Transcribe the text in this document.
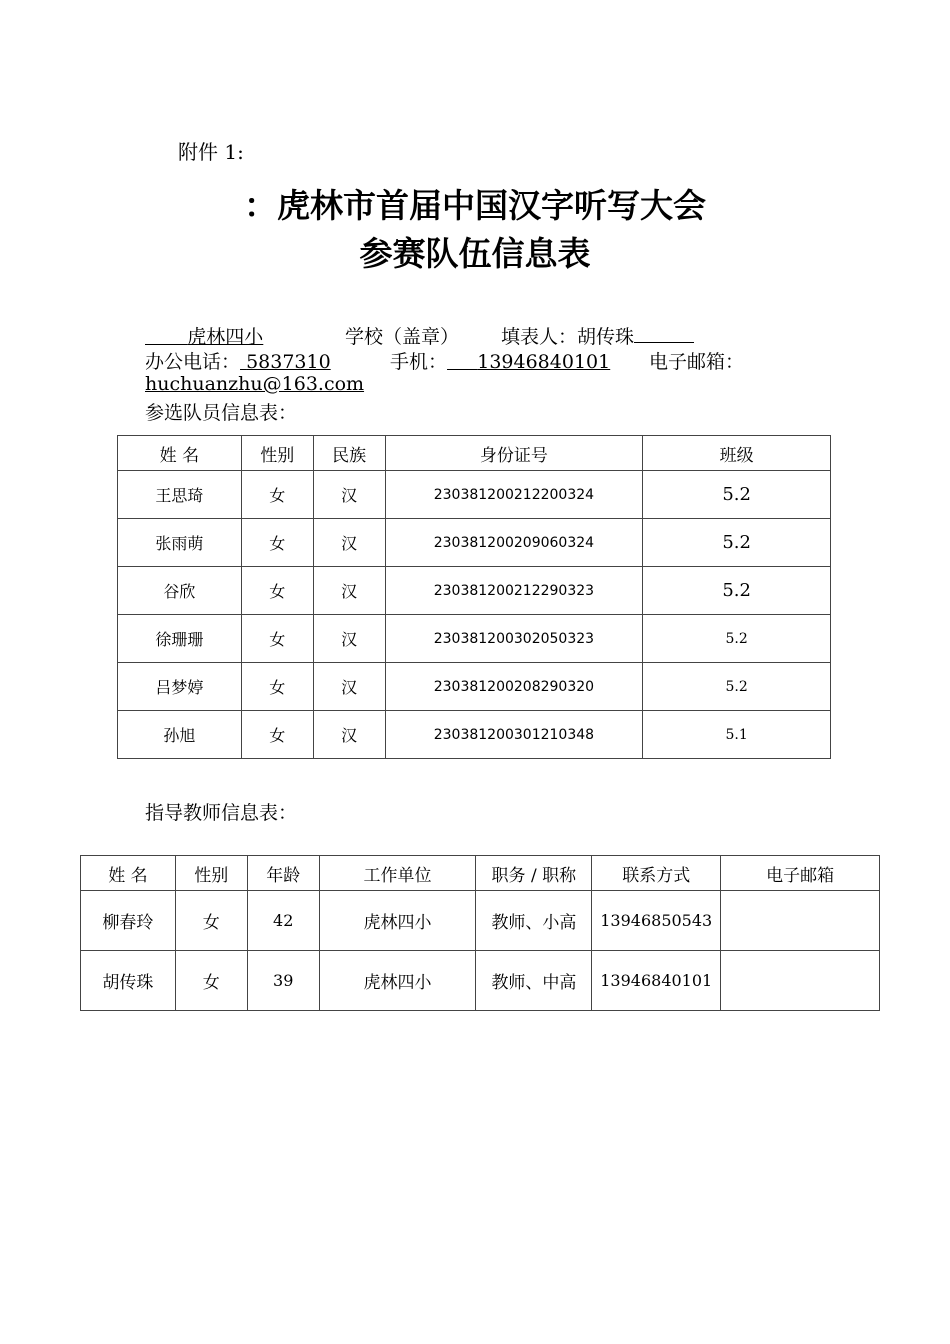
附件 1:
：虎林市首届中国汉字听写大会
参赛队伍信息表
虎林四小	学校（盖章） 填表人：胡传珠
办公电话： 5837310	手机： 13946840101 电子邮箱：
huchuanzhu@163.com
参选队员信息表：
姓 名	性别	民族	身份证号	班级
王思琦	女	汉	230381200212200324	5.2
张雨萌	女	汉	230381200209060324	5.2
谷欣	女	汉	230381200212290323	5.2
徐珊珊	女	汉	230381200302050323	5.2
吕梦婷	女	汉	230381200208290320	5.2
孙旭	女	汉	230381200301210348	5.1
指导教师信息表：
姓 名	性别	年龄	工作单位	职务 / 职称	联系方式	电子邮箱
柳春玲	女	42	虎林四小	教师、小高	13946850543	
胡传珠	女	39	虎林四小	教师、中高	13946840101	
